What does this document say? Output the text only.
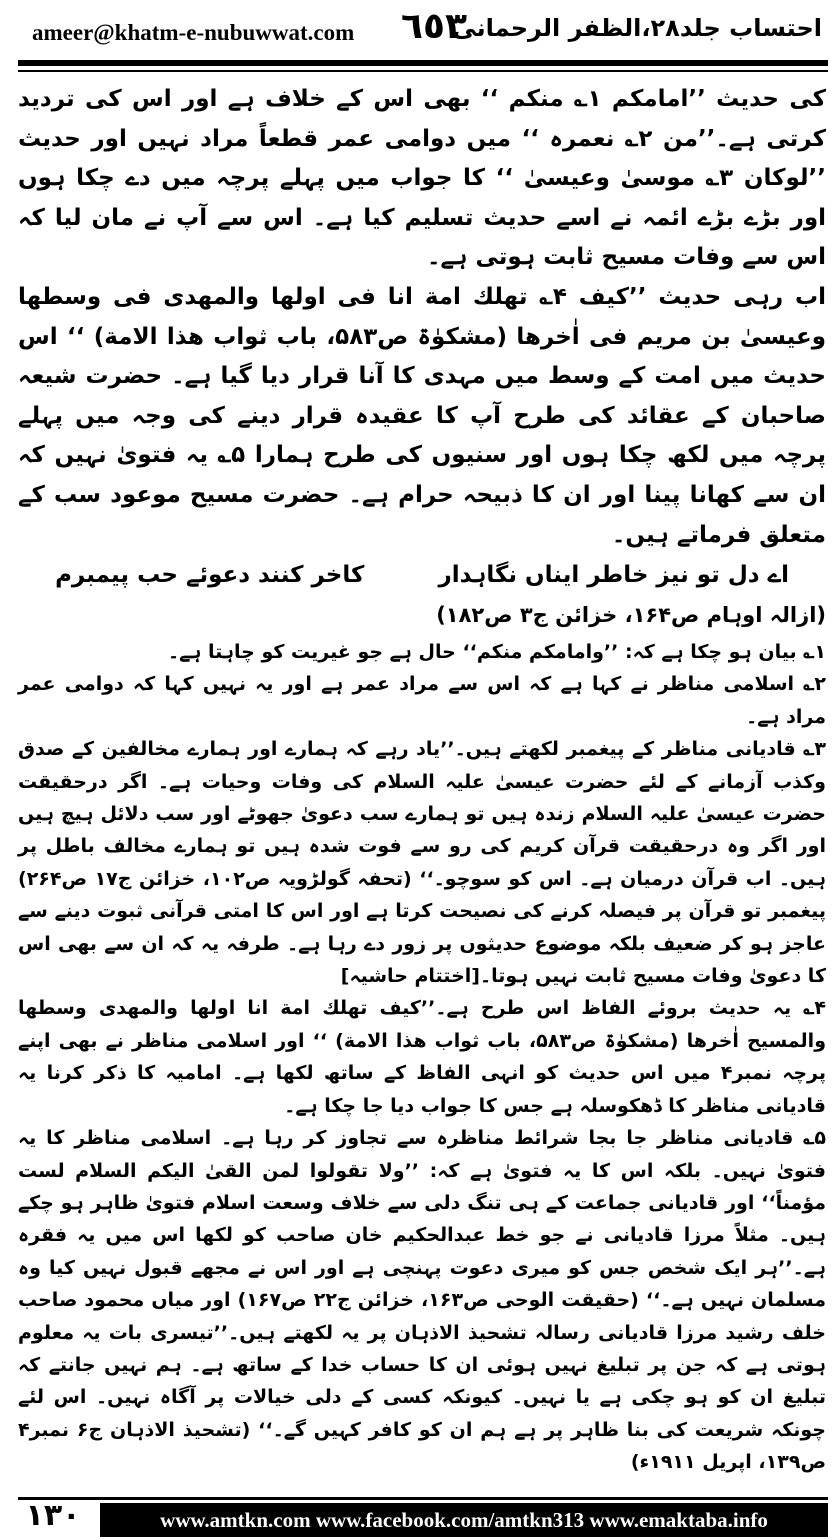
ameer@khatm-e-nubuwwat.com ٦٥٣
احتساب جلد۲۸،الظفر الرحمانی

کی حدیث ’’امامکم ۱؎ منکم ‘‘ بھی اس کے خلاف ہے اور اس کی تردید کرتی ہے۔’’من ۲؎ نعمرہ ‘‘ میں دوامی عمر قطعاً مراد نہیں اور حدیث ’’لوکان ۳؎ موسیٰ وعیسیٰ ‘‘ کا جواب میں پہلے پرچہ میں دے چکا ہوں اور بڑے بڑے ائمہ نے اسے حدیث تسلیم کیا ہے۔ اس سے آپ نے مان لیا کہ اس سے وفات مسیح ثابت ہوتی ہے۔

اب رہی حدیث ’’کیف ۴؎ تھلك امة انا فی اولھا والمھدی فی وسطھا وعیسیٰ بن مریم فی اٰخرھا (مشکوٰۃ ص۵۸۳، باب ثواب ھذا الامة) ‘‘ اس حدیث میں امت کے وسط میں مہدی کا آنا قرار دیا گیا ہے۔ حضرت شیعہ صاحبان کے عقائد کی طرح آپ کا عقیدہ قرار دینے کی وجہ میں پہلے پرچہ میں لکھ چکا ہوں اور سنیوں کی طرح ہمارا ۵؎ یہ فتویٰ نہیں کہ ان سے کھانا پینا اور ان کا ذبیحہ حرام ہے۔ حضرت مسیح موعود سب کے متعلق فرماتے ہیں۔

اے دل تو نیز خاطر ایناں نگاہدار
کاخر کنند دعوئے حب پیمبرم

(ازالہ اوہام ص۱۶۴، خزائن ج۳ ص۱۸۲)

۱؎ بیان ہو چکا ہے کہ: ’’وامامکم منکم‘‘ حال ہے جو غیریت کو چاہتا ہے۔

۲؎ اسلامی مناظر نے کہا ہے کہ اس سے مراد عمر ہے اور یہ نہیں کہا کہ دوامی عمر مراد ہے۔

۳؎ قادیانی مناظر کے پیغمبر لکھتے ہیں۔’’یاد رہے کہ ہمارے اور ہمارے مخالفین کے صدق وکذب آزمانے کے لئے حضرت عیسیٰ علیہ السلام کی وفات وحیات ہے۔ اگر درحقیقت حضرت عیسیٰ علیہ السلام زندہ ہیں تو ہمارے سب دعویٰ جھوٹے اور سب دلائل ہیچ ہیں اور اگر وہ درحقیقت قرآن کریم کی رو سے فوت شدہ ہیں تو ہمارے مخالف باطل پر ہیں۔ اب قرآن درمیان ہے۔ اس کو سوچو۔‘‘ (تحفہ گولڑویہ ص۱۰۲، خزائن ج۱۷ ص۲۶۴) پیغمبر تو قرآن پر فیصلہ کرنے کی نصیحت کرتا ہے اور اس کا امتی قرآنی ثبوت دینے سے عاجز ہو کر ضعیف بلکہ موضوع حدیثوں پر زور دے رہا ہے۔ طرفہ یہ کہ ان سے بھی اس کا دعویٰ وفات مسیح ثابت نہیں ہوتا۔[اختتام حاشیہ]

۴؎ یہ حدیث بروئے الفاظ اس طرح ہے۔’’کیف تھلك امة انا اولھا والمھدی وسطھا والمسیح اٰخرھا (مشکوٰۃ ص۵۸۳، باب ثواب ھذا الامة) ‘‘ اور اسلامی مناظر نے بھی اپنے پرچہ نمبر۴ میں اس حدیث کو انہی الفاظ کے ساتھ لکھا ہے۔ امامیہ کا ذکر کرنا یہ قادیانی مناظر کا ڈھکوسلہ ہے جس کا جواب دیا جا چکا ہے۔

۵؎ قادیانی مناظر جا بجا شرائط مناظرہ سے تجاوز کر رہا ہے۔ اسلامی مناظر کا یہ فتویٰ نہیں۔ بلکہ اس کا یہ فتویٰ ہے کہ: ’’ولا تقولوا لمن القیٰ الیکم السلام لست مؤمناً‘‘ اور قادیانی جماعت کے ہی تنگ دلی سے خلاف وسعت اسلام فتویٰ ظاہر ہو چکے ہیں۔ مثلاً مرزا قادیانی نے جو خط عبدالحکیم خان صاحب کو لکھا اس میں یہ فقرہ ہے۔’’ہر ایک شخص جس کو میری دعوت پہنچی ہے اور اس نے مجھے قبول نہیں کیا وہ مسلمان نہیں ہے۔‘‘ (حقیقت الوحی ص۱۶۳، خزائن ج۲۲ ص۱۶۷) اور میاں محمود صاحب خلف رشید مرزا قادیانی رسالہ تشحیذ الاذہان پر یہ لکھتے ہیں۔’’تیسری بات یہ معلوم ہوتی ہے کہ جن پر تبلیغ نہیں ہوئی ان کا حساب خدا کے ساتھ ہے۔ ہم نہیں جانتے کہ تبلیغ ان کو ہو چکی ہے یا نہیں۔ کیونکہ کسی کے دلی خیالات پر آگاہ نہیں۔ اس لئے چونکہ شریعت کی بنا ظاہر پر ہے ہم ان کو کافر کہیں گے۔‘‘ (تشحیذ الاذہان ج۶ نمبر۴ ص۱۳۹، اپریل ۱۹۱۱ء)

۱۳۰	www.amtkn.com www.facebook.com/amtkn313 www.emaktaba.info
